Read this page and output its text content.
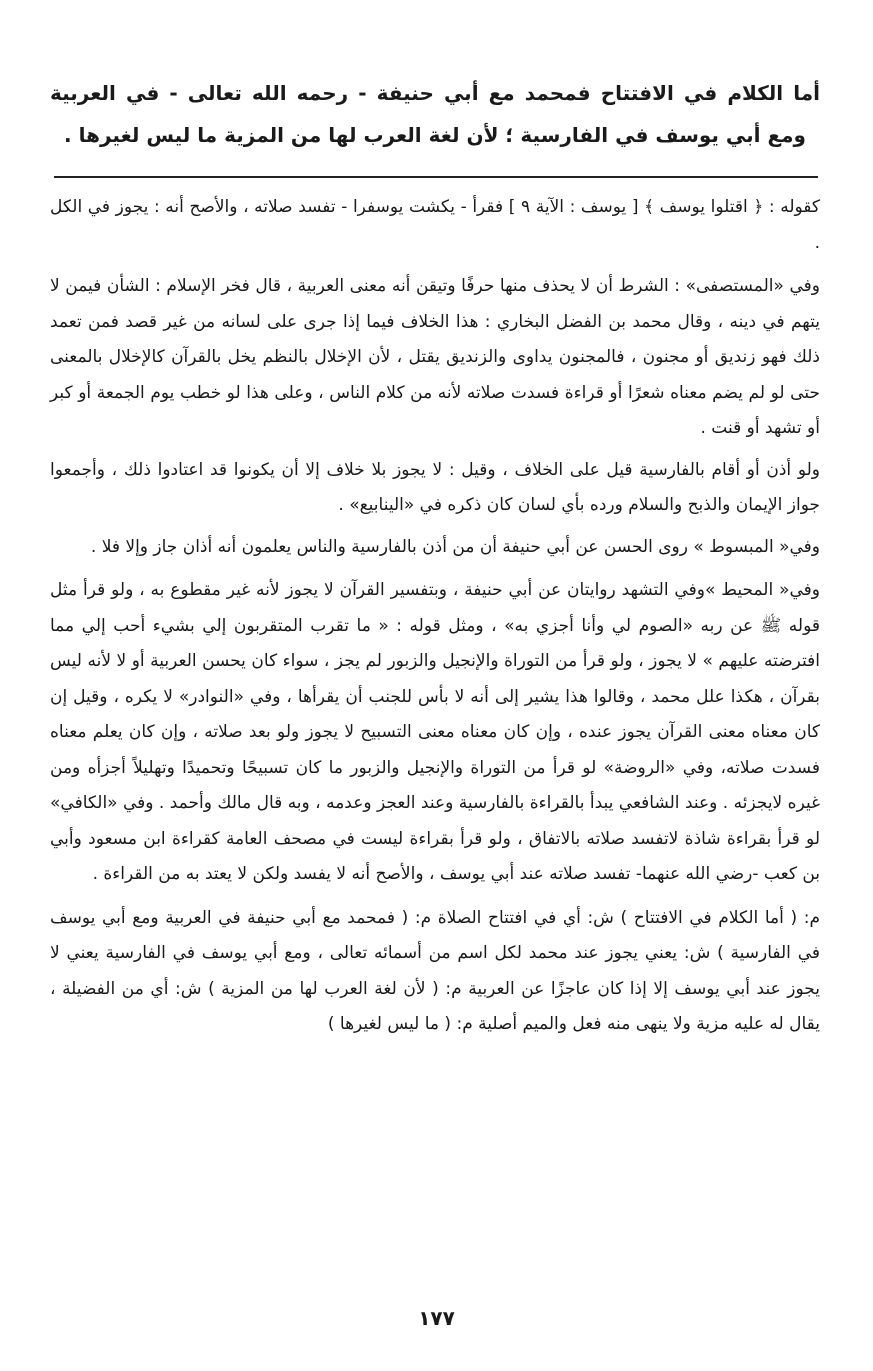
أما الكلام في الافتتاح فمحمد مع أبي حنيفة - رحمه الله تعالى - في العربية ومع أبي يوسف في الفارسية ؛ لأن لغة العرب لها من المزية ما ليس لغيرها .

كقوله : ﴿ اقتلوا يوسف ﴾ [ يوسف : الآية ٩ ] فقرأ - يكشت يوسفرا - تفسد صلاته ، والأصح أنه : يجوز في الكل .

وفي «المستصفى» : الشرط أن لا يحذف منها حرفًا وتيقن أنه معنى العربية ، قال فخر الإسلام : الشأن فيمن لا يتهم في دينه ، وقال محمد بن الفضل البخاري : هذا الخلاف فيما إذا جرى على لسانه من غير قصد فمن تعمد ذلك فهو زنديق أو مجنون ، فالمجنون يداوى والزنديق يقتل ، لأن الإخلال بالنظم يخل بالقرآن كالإخلال بالمعنى حتى لو لم يضم معناه شعرًا أو قراءة فسدت صلاته لأنه من كلام الناس ، وعلى هذا لو خطب يوم الجمعة أو كبر أو تشهد أو قنت .

ولو أذن أو أقام بالفارسية قيل على الخلاف ، وقيل : لا يجوز بلا خلاف إلا أن يكونوا قد اعتادوا ذلك ، وأجمعوا جواز الإيمان والذبح والسلام ورده بأي لسان كان ذكره في «الينابيع» .

وفي« المبسوط » روى الحسن عن أبي حنيفة أن من أذن بالفارسية والناس يعلمون أنه أذان جاز وإلا فلا .

وفي« المحيط »وفي التشهد روايتان عن أبي حنيفة ، وبتفسير القرآن لا يجوز لأنه غير مقطوع به ، ولو قرأ مثل قوله ﷺ عن ربه «الصوم لي وأنا أجزي به» ، ومثل قوله : « ما تقرب المتقربون إلي بشيء أحب إلي مما افترضته عليهم » لا يجوز ، ولو قرأ من التوراة والإنجيل والزبور لم يجز ، سواء كان يحسن العربية أو لا لأنه ليس بقرآن ، هكذا علل محمد ، وقالوا هذا يشير إلى أنه لا بأس للجنب أن يقرأها ، وفي «النوادر» لا يكره ، وقيل إن كان معناه معنى القرآن يجوز عنده ، وإن كان معناه معنى التسبيح لا يجوز ولو بعد صلاته ، وإن كان يعلم معناه فسدت صلاته، وفي «الروضة» لو قرأ من التوراة والإنجيل والزبور ما كان تسبيحًا وتحميدًا وتهليلاً أجزأه ومن غيره لايجزئه . وعند الشافعي يبدأ بالقراءة بالفارسية وعند العجز وعدمه ، وبه قال مالك وأحمد . وفي «الكافي» لو قرأ بقراءة شاذة لاتفسد صلاته بالاتفاق ، ولو قرأ بقراءة ليست في مصحف العامة كقراءة ابن مسعود وأبي بن كعب -رضي الله عنهما- تفسد صلاته عند أبي يوسف ، والأصح أنه لا يفسد ولكن لا يعتد به من القراءة .

م: ( أما الكلام في الافتتاح ) ش: أي في افتتاح الصلاة م: ( فمحمد مع أبي حنيفة في العربية ومع أبي يوسف في الفارسية ) ش: يعني يجوز عند محمد لكل اسم من أسمائه تعالى ، ومع أبي يوسف في الفارسية يعني لا يجوز عند أبي يوسف إلا إذا كان عاجزًا عن العربية م: ( لأن لغة العرب لها من المزية ) ش: أي من الفضيلة ، يقال له عليه مزية ولا ينهى منه فعل والميم أصلية م: ( ما ليس لغيرها )

١٧٧
